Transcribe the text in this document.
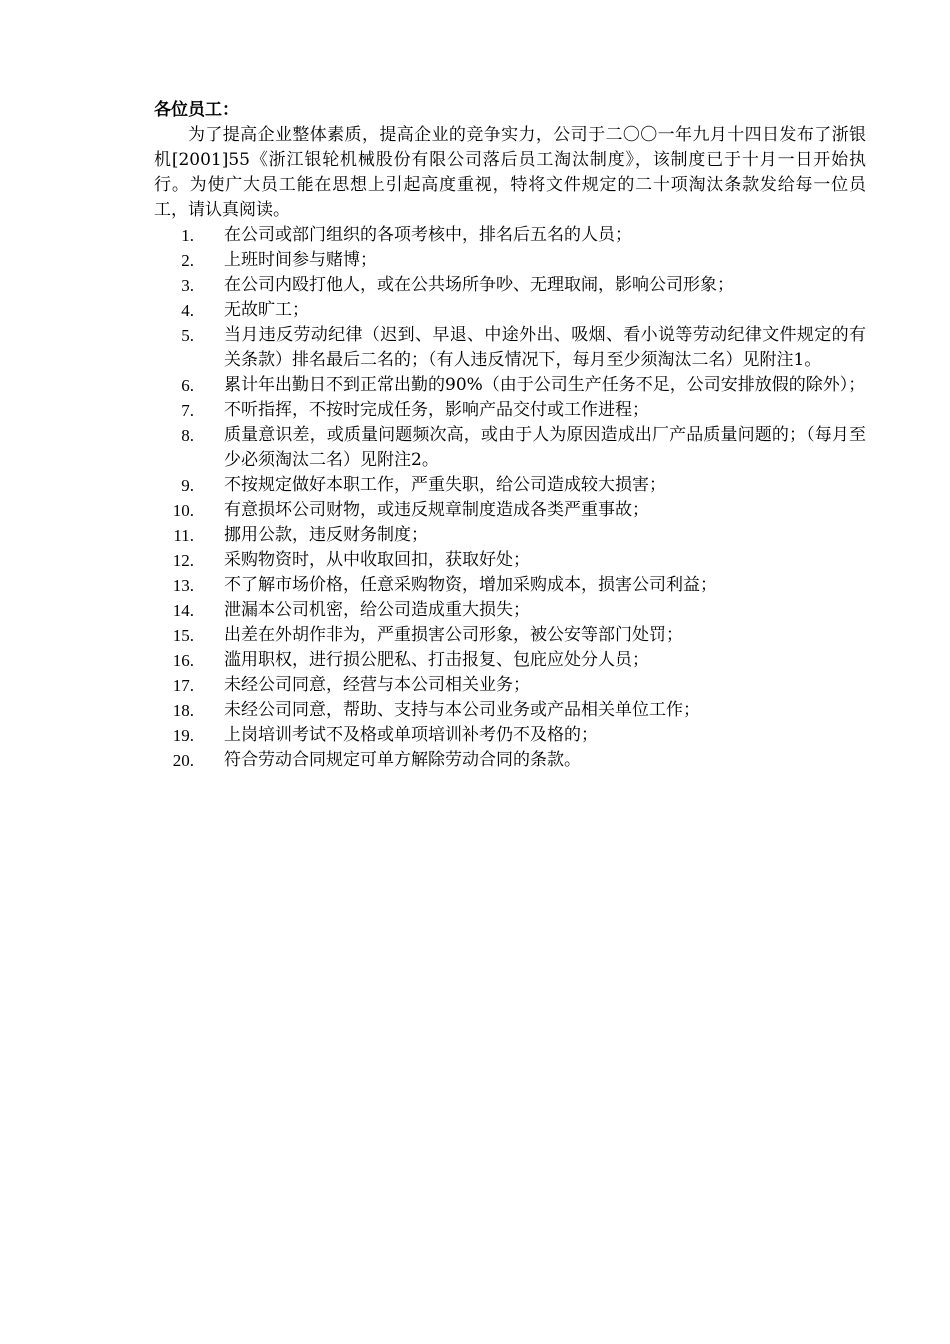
各位员工：

为了提高企业整体素质，提高企业的竞争实力，公司于二〇〇一年九月十四日发布了浙银机[2001]55《浙江银轮机械股份有限公司落后员工淘汰制度》，该制度已于十月一日开始执行。为使广大员工能在思想上引起高度重视，特将文件规定的二十项淘汰条款发给每一位员工，请认真阅读。

1.	在公司或部门组织的各项考核中，排名后五名的人员；
2.	上班时间参与赌博；
3.	在公司内殴打他人，或在公共场所争吵、无理取闹，影响公司形象；
4.	无故旷工；
5.	当月违反劳动纪律（迟到、早退、中途外出、吸烟、看小说等劳动纪律文件规定的有关条款）排名最后二名的；（有人违反情况下，每月至少须淘汰二名）见附注1。
6.	累计年出勤日不到正常出勤的90%（由于公司生产任务不足，公司安排放假的除外）；
7.	不听指挥，不按时完成任务，影响产品交付或工作进程；
8.	质量意识差，或质量问题频次高，或由于人为原因造成出厂产品质量问题的；（每月至少必须淘汰二名）见附注2。
9.	不按规定做好本职工作，严重失职，给公司造成较大损害；
10.	有意损坏公司财物，或违反规章制度造成各类严重事故；
11.	挪用公款，违反财务制度；
12.	采购物资时，从中收取回扣，获取好处；
13.	不了解市场价格，任意采购物资，增加采购成本，损害公司利益；
14.	泄漏本公司机密，给公司造成重大损失；
15.	出差在外胡作非为，严重损害公司形象，被公安等部门处罚；
16.	滥用职权，进行损公肥私、打击报复、包庇应处分人员；
17.	未经公司同意，经营与本公司相关业务；
18.	未经公司同意，帮助、支持与本公司业务或产品相关单位工作；
19.	上岗培训考试不及格或单项培训补考仍不及格的；
20.	符合劳动合同规定可单方解除劳动合同的条款。
